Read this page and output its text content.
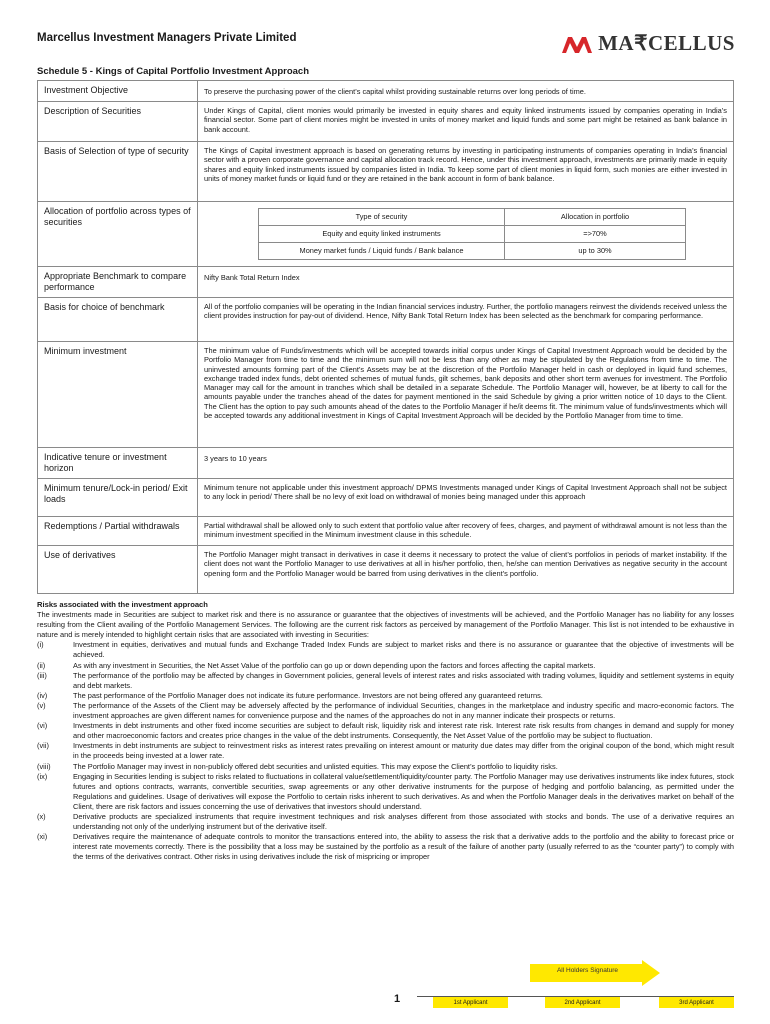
Marcellus Investment Managers Private Limited	MA₹CELLUS
Schedule 5 - Kings of Capital Portfolio Investment Approach
Investment Objective	To preserve the purchasing power of the client’s capital whilst providing sustainable returns over long periods of time.
Description of Securities	Under Kings of Capital, client monies would primarily be invested in equity shares and equity linked instruments issued by companies operating in India’s financial sector. Some part of client monies might be invested in units of money market and liquid funds and some part might be retained as bank balance in bank account.
Basis of Selection of type of security	The Kings of Capital investment approach is based on generating returns by investing in participating instruments of companies operating in India’s financial sector with a proven corporate governance and capital allocation track record. Hence, under this investment approach, investments are primarily made in equity shares and equity linked instruments issued by companies listed in India. To keep some part of client monies in liquid form, such monies are either invested in units of money market funds or liquid fund or they are retained in the bank account in form of bank balance.
Allocation of portfolio across types of securities	
Type of security	Allocation in portfolio
Equity and equity linked instruments	=>70%
Money market funds / Liquid funds / Bank balance	up to 30%

Appropriate Benchmark to compare performance	Nifty Bank Total Return Index
Basis for choice of benchmark	All of the portfolio companies will be operating in the Indian financial services industry. Further, the portfolio managers reinvest the dividends received unless the client provides instruction for pay-out of dividend. Hence, Nifty Bank Total Return Index has been selected as the benchmark for comparing performance.
Minimum investment	The minimum value of Funds/investments which will be accepted towards initial corpus under Kings of Capital Investment Approach would be decided by the Portfolio Manager from time to time and the minimum sum will not be less than any other as may be stipulated by the Regulations from time to time. The uninvested amounts forming part of the Client’s Assets may be at the discretion of the Portfolio Manager held in cash or deployed in liquid fund schemes, exchange traded index funds, debt oriented schemes of mutual funds, gilt schemes, bank deposits and other short term avenues for investment. The Portfolio Manager may call for the amount in tranches which shall be detailed in a separate Schedule. The Portfolio Manager will, however, be at liberty to call for the amounts payable under the tranches ahead of the dates for payment mentioned in the said Schedule by giving a prior written notice of 10 days to the Client. The Client has the option to pay such amounts ahead of the dates to the Portfolio Manager if he/it deems fit. The minimum value of funds/investments which will be accepted towards any additional investment in Kings of Capital Investment Approach will be decided by the Portfolio Manager from time to time.
Indicative tenure or investment horizon	3 years to 10 years
Minimum tenure/Lock-in period/ Exit loads	Minimum tenure not applicable under this investment approach/ DPMS Investments managed under Kings of Capital Investment Approach shall not be subject to any lock in period/ There shall be no levy of exit load on withdrawal of monies being managed under this approach
Redemptions / Partial withdrawals	Partial withdrawal shall be allowed only to such extent that portfolio value after recovery of fees, charges, and payment of withdrawal amount is not less than the minimum investment specified in the Minimum investment clause in this schedule.
Use of derivatives	The Portfolio Manager might transact in derivatives in case it deems it necessary to protect the value of client’s portfolios in periods of market instability. If the client does not want the Portfolio Manager to use derivatives at all in his/her portfolio, then, he/she can mention Derivatives as negative security in the account opening form and the Portfolio Manager would be barred from using derivatives in the client’s portfolio.
Risks associated with the investment approach
The investments made in Securities are subject to market risk and there is no assurance or guarantee that the objectives of investments will be achieved, and the Portfolio Manager has no liability for any losses resulting from the Client availing of the Portfolio Management Services. The following are the current risk factors as perceived by management of the Portfolio Manager. This list is not intended to be exhaustive in nature and is merely intended to highlight certain risks that are associated with investing in Securities:
(i)	Investment in equities, derivatives and mutual funds and Exchange Traded Index Funds are subject to market risks and there is no assurance or guarantee that the objective of investments will be achieved.
(ii)	As with any investment in Securities, the Net Asset Value of the portfolio can go up or down depending upon the factors and forces affecting the capital markets.
(iii)	The performance of the portfolio may be affected by changes in Government policies, general levels of interest rates and risks associated with trading volumes, liquidity and settlement systems in equity and debt markets.
(iv)	The past performance of the Portfolio Manager does not indicate its future performance. Investors are not being offered any guaranteed returns.
(v)	The performance of the Assets of the Client may be adversely affected by the performance of individual Securities, changes in the marketplace and industry specific and macro-economic factors. The investment approaches are given different names for convenience purpose and the names of the approaches do not in any manner indicate their prospects or returns.
(vi)	Investments in debt instruments and other fixed income securities are subject to default risk, liquidity risk and interest rate risk. Interest rate risk results from changes in demand and supply for money and other macroeconomic factors and creates price changes in the value of the debt instruments. Consequently, the Net Asset Value of the portfolio may be subject to fluctuation.
(vii)	Investments in debt instruments are subject to reinvestment risks as interest rates prevailing on interest amount or maturity due dates may differ from the original coupon of the bond, which might result in the proceeds being invested at a lower rate.
(viii)	The Portfolio Manager may invest in non-publicly offered debt securities and unlisted equities. This may expose the Client’s portfolio to liquidity risks.
(ix)	Engaging in Securities lending is subject to risks related to fluctuations in collateral value/settlement/liquidity/counter party. The Portfolio Manager may use derivatives instruments like index futures, stock futures and options contracts, warrants, convertible securities, swap agreements or any other derivative instruments for the purpose of hedging and portfolio balancing, as permitted under the Regulations and guidelines. Usage of derivatives will expose the Portfolio to certain risks inherent to such derivatives. As and when the Portfolio Manager deals in the derivatives market on behalf of the Client, there are risk factors and issues concerning the use of derivatives that investors should understand.
(x)	Derivative products are specialized instruments that require investment techniques and risk analyses different from those associated with stocks and bonds. The use of a derivative requires an understanding not only of the underlying instrument but of the derivative itself.
(xi)	Derivatives require the maintenance of adequate controls to monitor the transactions entered into, the ability to assess the risk that a derivative adds to the portfolio and the ability to forecast price or interest rate movements correctly. There is the possibility that a loss may be sustained by the portfolio as a result of the failure of another party (usually referred to as the “counter party”) to comply with the terms of the derivatives contract. Other risks in using derivatives include the risk of mispricing or improper
All Holders Signature
1	1st Applicant	2nd Applicant	3rd Applicant
